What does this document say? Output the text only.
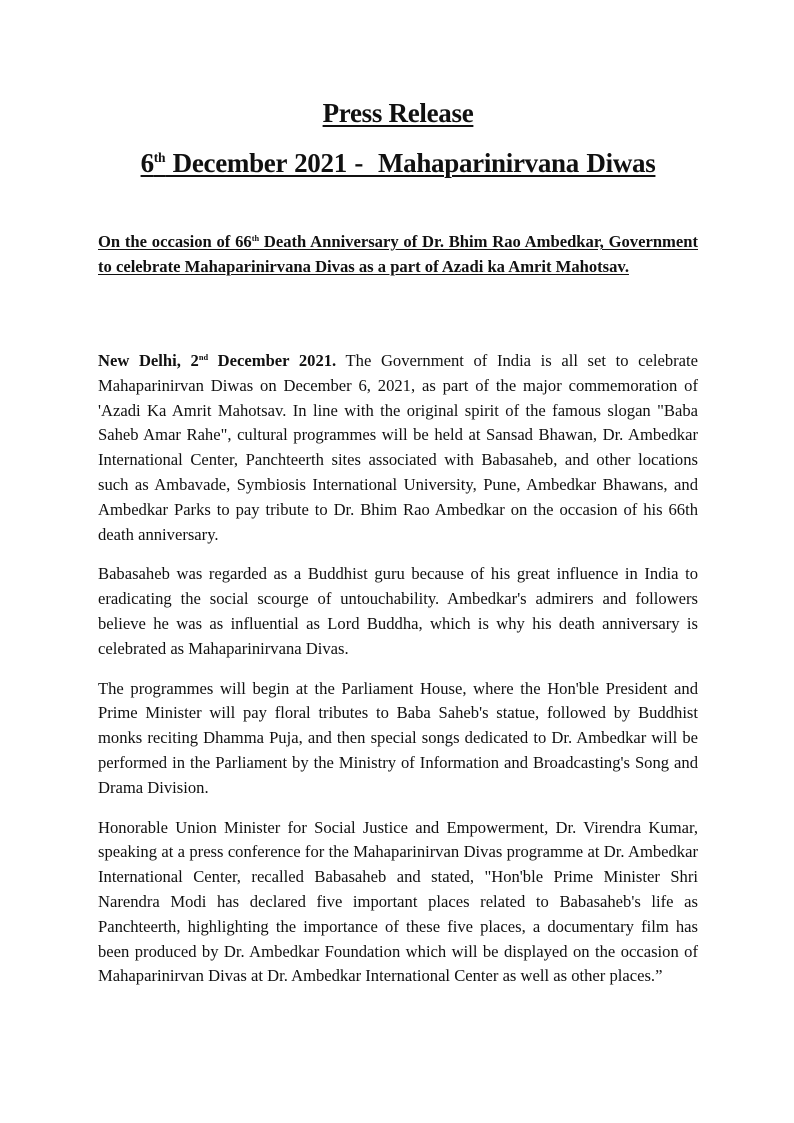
Press Release
6th December 2021 -  Mahaparinirvana Diwas
On the occasion of 66th Death Anniversary of Dr. Bhim Rao Ambedkar, Government to celebrate Mahaparinirvana Divas as a part of Azadi ka Amrit Mahotsav.

New Delhi, 2nd December 2021. The Government of India is all set to celebrate Mahaparinirvan Diwas on December 6, 2021, as part of the major commemoration of 'Azadi Ka Amrit Mahotsav. In line with the original spirit of the famous slogan "Baba Saheb Amar Rahe", cultural programmes will be held at Sansad Bhawan, Dr. Ambedkar International Center, Panchteerth sites associated with Babasaheb, and other locations such as Ambavade, Symbiosis International University, Pune, Ambedkar Bhawans, and Ambedkar Parks to pay tribute to Dr. Bhim Rao Ambedkar on the occasion of his 66th death anniversary.

Babasaheb was regarded as a Buddhist guru because of his great influence in India to eradicating the social scourge of untouchability. Ambedkar's admirers and followers believe he was as influential as Lord Buddha, which is why his death anniversary is celebrated as Mahaparinirvana Divas.

The programmes will begin at the Parliament House, where the Hon'ble President and Prime Minister will pay floral tributes to Baba Saheb's statue, followed by Buddhist monks reciting Dhamma Puja, and then special songs dedicated to Dr. Ambedkar will be performed in the Parliament by the Ministry of Information and Broadcasting's Song and Drama Division.

Honorable Union Minister for Social Justice and Empowerment, Dr. Virendra Kumar, speaking at a press conference for the Mahaparinirvan Divas programme at Dr. Ambedkar International Center, recalled Babasaheb and stated, "Hon'ble Prime Minister Shri Narendra Modi has declared five important places related to Babasaheb's life as Panchteerth, highlighting the importance of these five places, a documentary film has been produced by Dr. Ambedkar Foundation which will be displayed on the occasion of Mahaparinirvan Divas at Dr. Ambedkar International Center as well as other places.”
